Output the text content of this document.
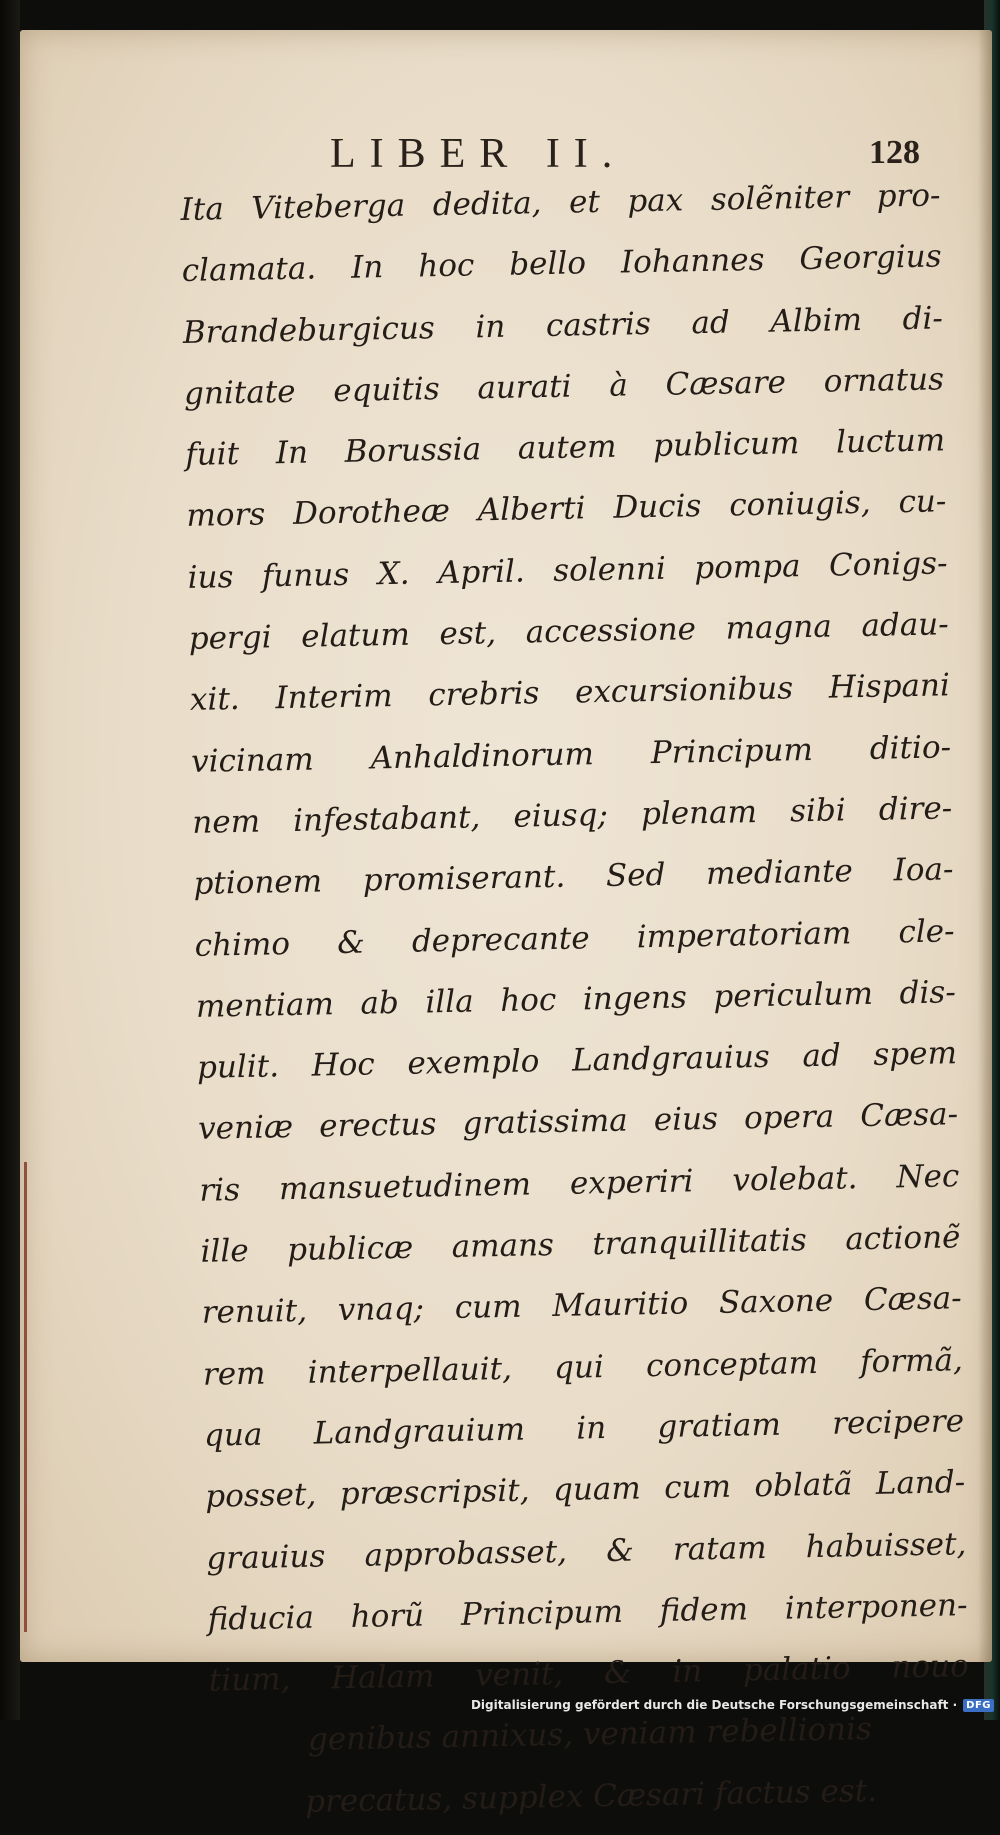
LIBER II.	128
Ita Viteberga dedita, et pax solẽniter pro-
clamata. In hoc bello Iohannes Georgius
Brandeburgicus in castris ad Albim di-
gnitate equitis aurati à Cæsare ornatus
fuit In Borussia autem publicum luctum
mors Dorotheæ Alberti Ducis coniugis, cu-
ius funus X. April. solenni pompa Conigs-
pergi elatum est, accessione magna adau-
xit. Interim crebris excursionibus Hispani
vicinam Anhaldinorum Principum ditio-
nem infestabant, eiusq; plenam sibi dire-
ptionem promiserant. Sed mediante Ioa-
chimo & deprecante imperatoriam cle-
mentiam ab illa hoc ingens periculum dis-
pulit. Hoc exemplo Landgrauius ad spem
veniæ erectus gratissima eius opera Cæsa-
ris mansuetudinem experiri volebat. Nec
ille publicæ amans tranquillitatis actionẽ
renuit, vnaq; cum Mauritio Saxone Cæsa-
rem interpellauit, qui conceptam formã,
qua Landgrauium in gratiam recipere
posset, præscripsit, quam cum oblatã Land-
grauius approbasset, & ratam habuisset,
fiducia horũ Principum fidem interponen-
tium, Halam venit, & in palatio nouo
genibus annixus, veniam rebellionis
precatus, supplex Cæsari factus est.
Digitalisierung gefördert durch die Deutsche Forschungsgemeinschaft · DFG
